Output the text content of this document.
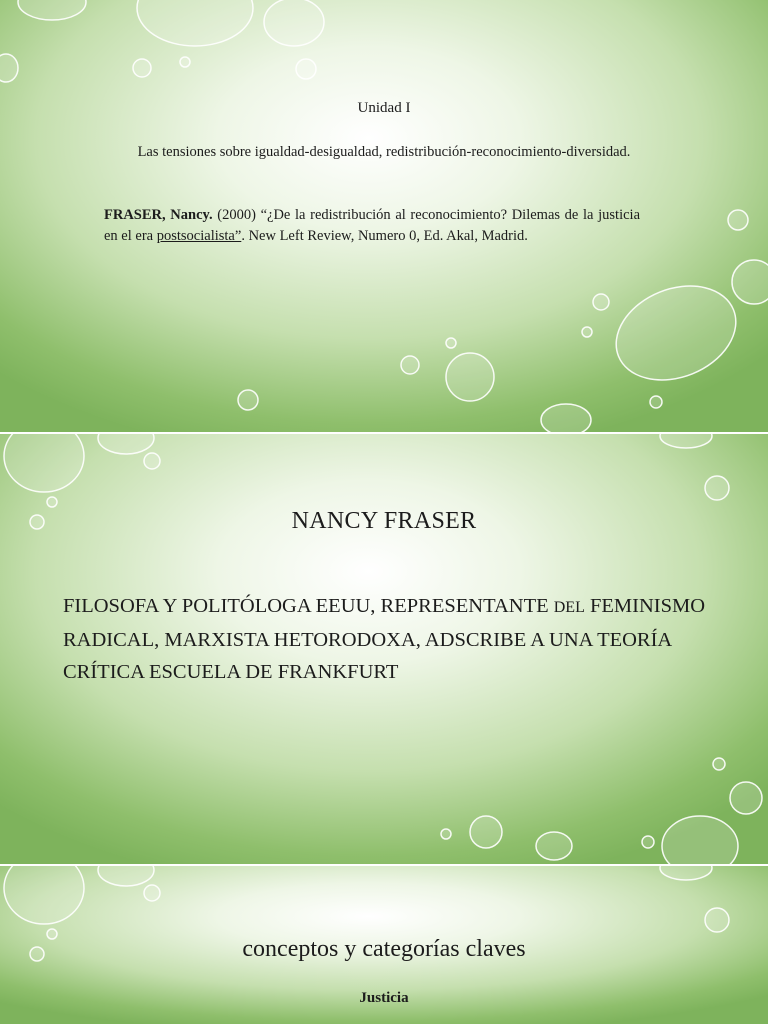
Unidad I
Las tensiones sobre igualdad-desigualdad, redistribución-reconocimiento-diversidad.
FRASER, Nancy. (2000) “¿De la redistribución al reconocimiento? Dilemas de la justicia en el era postsocialista”. New Left Review, Numero 0, Ed. Akal, Madrid.
NANCY FRASER
FILOSOFA Y POLITÓLOGA EEUU, REPRESENTANTE DEL FEMINISMO RADICAL, MARXISTA HETORODOXA, ADSCRIBE A UNA TEORÍA CRÍTICA ESCUELA DE FRANKFURT
conceptos y categorías claves
Justicia
